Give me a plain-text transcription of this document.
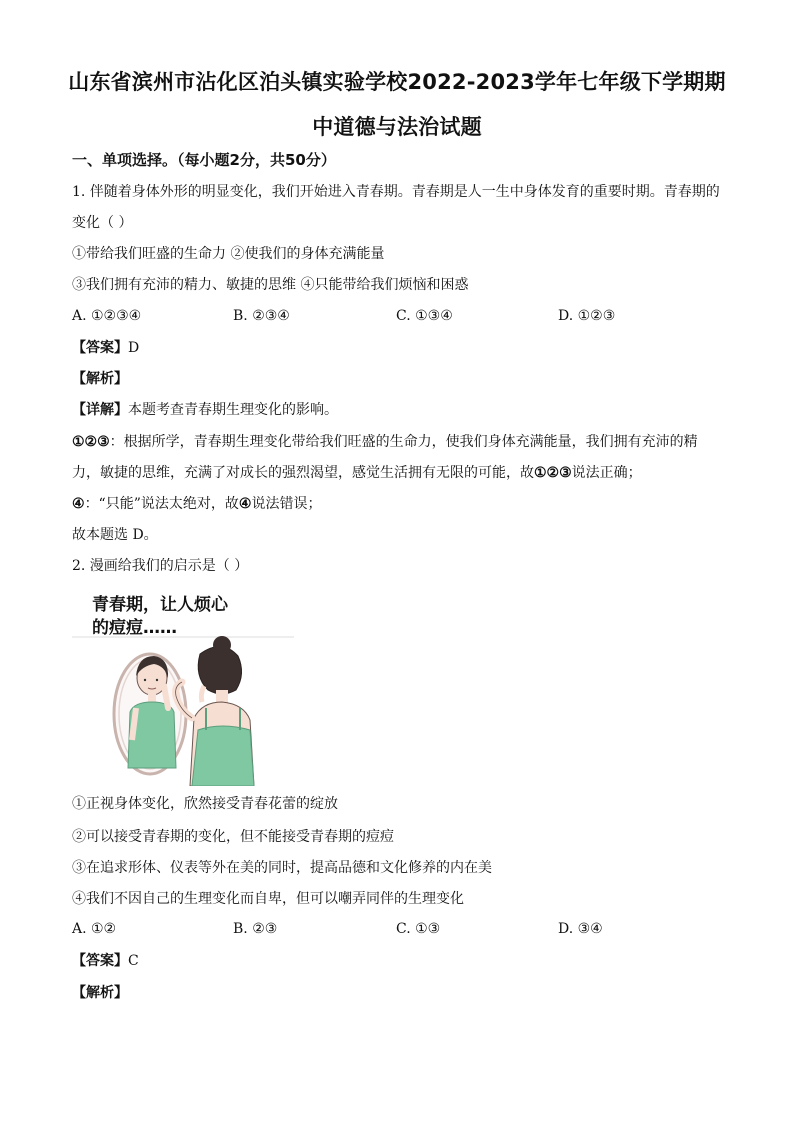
山东省滨州市沾化区泊头镇实验学校2022-2023学年七年级下学期期
中道德与法治试题
一、单项选择。（每小题2分，共50分）
1. 伴随着身体外形的明显变化，我们开始进入青春期。青春期是人一生中身体发育的重要时期。青春期的
变化（ ）
①带给我们旺盛的生命力 ②使我们的身体充满能量
③我们拥有充沛的精力、敏捷的思维 ④只能带给我们烦恼和困惑
A. ①②③④	B. ②③④	C. ①③④	D. ①②③
【答案】D
【解析】
【详解】本题考查青春期生理变化的影响。
①②③：根据所学，青春期生理变化带给我们旺盛的生命力，使我们身体充满能量，我们拥有充沛的精
力，敏捷的思维，充满了对成长的强烈渴望，感觉生活拥有无限的可能，故①②③说法正确；
④：“只能”说法太绝对，故④说法错误；
故本题选 D。
2. 漫画给我们的启示是（ ）
青春期，让人烦心
的痘痘……
①正视身体变化，欣然接受青春花蕾的绽放
②可以接受青春期的变化，但不能接受青春期的痘痘
③在追求形体、仪表等外在美的同时，提高品德和文化修养的内在美
④我们不因自己的生理变化而自卑，但可以嘲弄同伴的生理变化
A. ①②	B. ②③	C. ①③	D. ③④
【答案】C
【解析】
